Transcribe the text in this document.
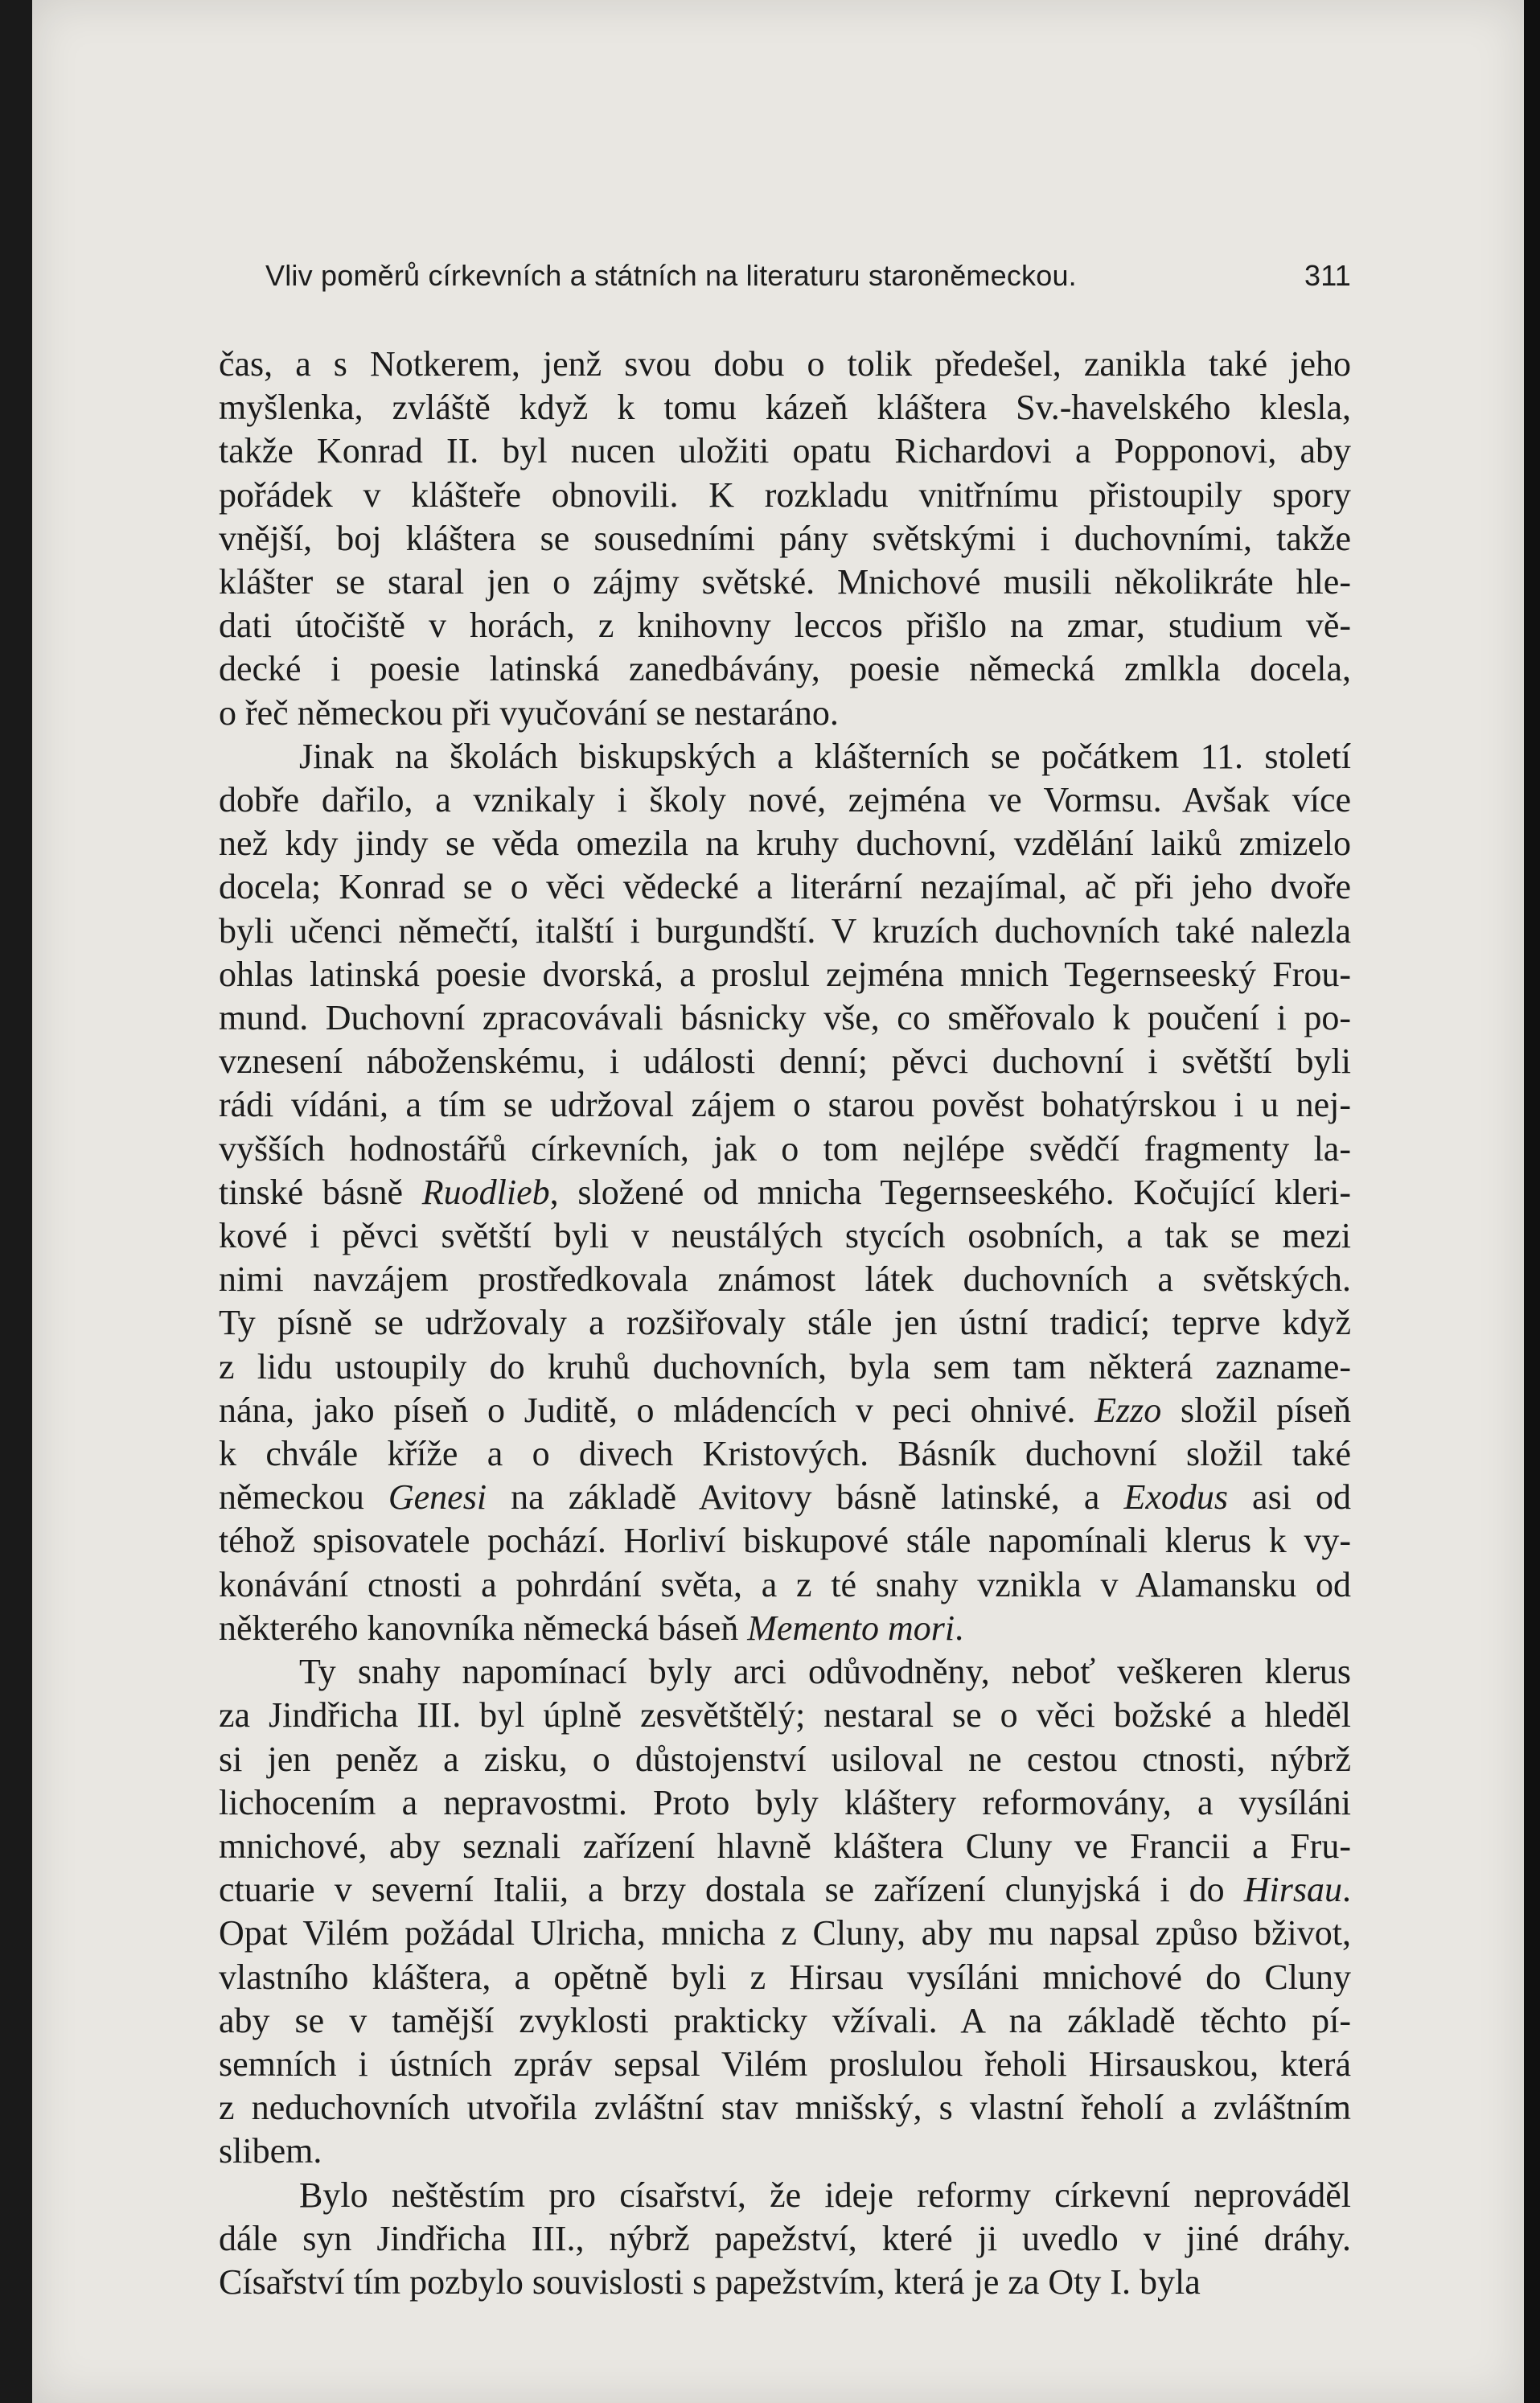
Vliv poměrů církevních a státních na literaturu staroněmeckou.	311
čas, a s Notkerem, jenž svou dobu o tolik předešel, zanikla také jeho
myšlenka, zvláště když k tomu kázeň kláštera Sv.-havelského klesla,
takže Konrad II. byl nucen uložiti opatu Richardovi a Popponovi, aby
pořádek v klášteře obnovili. K rozkladu vnitřnímu přistoupily spory
vnější, boj kláštera se sousedními pány světskými i duchovními, takže
klášter se staral jen o zájmy světské. Mnichové musili několikráte hle-
dati útočiště v horách, z knihovny leccos přišlo na zmar, studium vě-
decké i poesie latinská zanedbávány, poesie německá zmlkla docela,
o řeč německou při vyučování se nestaráno.
Jinak na školách biskupských a klášterních se počátkem 11. století
dobře dařilo, a vznikaly i školy nové, zejména ve Vormsu. Avšak více
než kdy jindy se věda omezila na kruhy duchovní, vzdělání laiků zmizelo
docela; Konrad se o věci vědecké a literární nezajímal, ač při jeho dvoře
byli učenci němečtí, italští i burgundští. V kruzích duchovních také nalezla
ohlas latinská poesie dvorská, a proslul zejména mnich Tegernseeský Frou-
mund. Duchovní zpracovávali básnicky vše, co směřovalo k poučení i po-
vznesení náboženskému, i události denní; pěvci duchovní i světští byli
rádi vídáni, a tím se udržoval zájem o starou pověst bohatýrskou i u nej-
vyšších hodnostářů církevních, jak o tom nejlépe svědčí fragmenty la-
tinské básně Ruodlieb, složené od mnicha Tegernseeského. Kočující kleri-
kové i pěvci světští byli v neustálých stycích osobních, a tak se mezi
nimi navzájem prostředkovala známost látek duchovních a světských.
Ty písně se udržovaly a rozšiřovaly stále jen ústní tradicí; teprve když
z lidu ustoupily do kruhů duchovních, byla sem tam některá zazname-
nána, jako píseň o Juditě, o mládencích v peci ohnivé. Ezzo složil píseň
k chvále kříže a o divech Kristových. Básník duchovní složil také
německou Genesi na základě Avitovy básně latinské, a Exodus asi od
téhož spisovatele pochází. Horliví biskupové stále napomínali klerus k vy-
konávání ctnosti a pohrdání světa, a z té snahy vznikla v Alamansku od
některého kanovníka německá báseň Memento mori.
Ty snahy napomínací byly arci odůvodněny, neboť veškeren klerus
za Jindřicha III. byl úplně zesvětštělý; nestaral se o věci božské a hleděl
si jen peněz a zisku, o důstojenství usiloval ne cestou ctnosti, nýbrž
lichocením a nepravostmi. Proto byly kláštery reformovány, a vysíláni
mnichové, aby seznali zařízení hlavně kláštera Cluny ve Francii a Fru-
ctuarie v severní Italii, a brzy dostala se zařízení clunyjská i do Hirsau.
Opat Vilém požádal Ulricha, mnicha z Cluny, aby mu napsal způso bživot,
vlastního kláštera, a opětně byli z Hirsau vysíláni mnichové do Cluny
aby se v tamější zvyklosti prakticky vžívali. A na základě těchto pí-
semních i ústních zpráv sepsal Vilém proslulou řeholi Hirsauskou, která
z neduchovních utvořila zvláštní stav mnišský, s vlastní řeholí a zvláštním
slibem.
Bylo neštěstím pro císařství, že ideje reformy církevní neprováděl
dále syn Jindřicha III., nýbrž papežství, které ji uvedlo v jiné dráhy.
Císařství tím pozbylo souvislosti s papežstvím, která je za Oty I. byla
